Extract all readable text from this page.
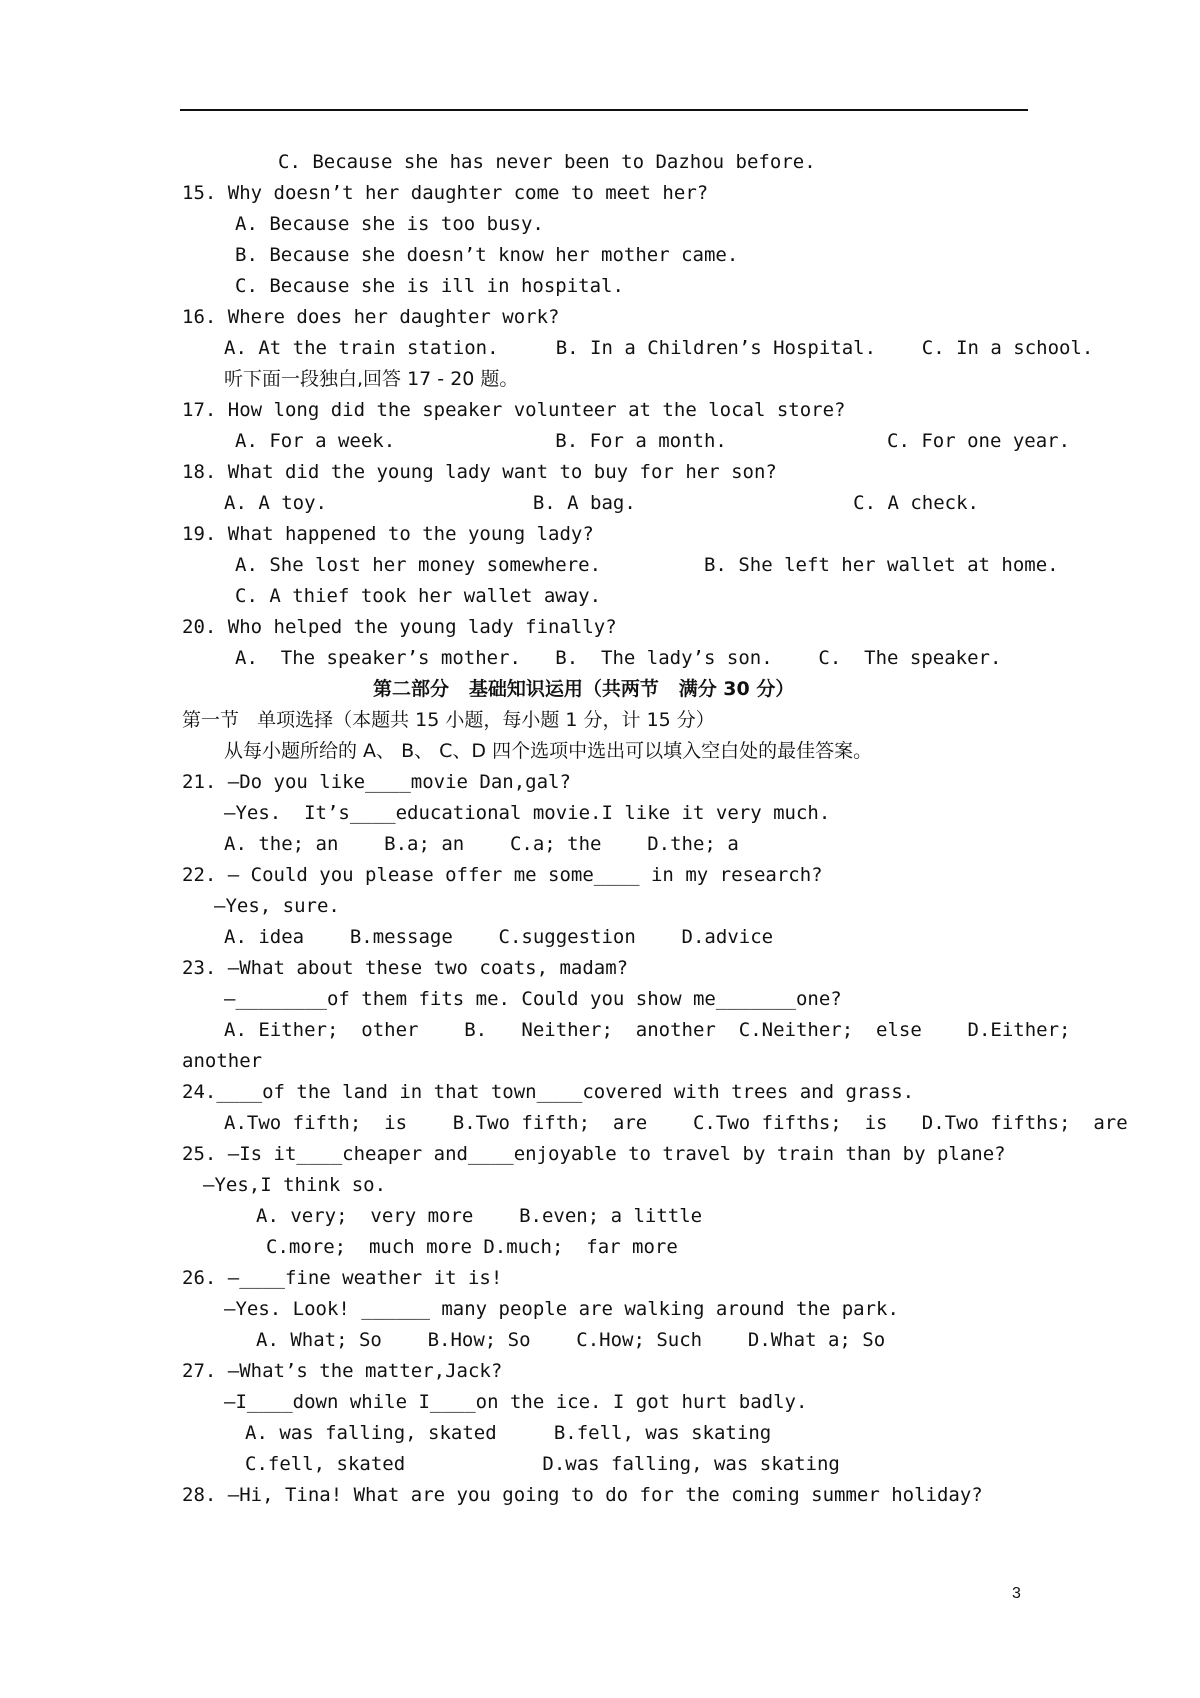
C. Because she has never been to Dazhou before.
15. Why doesn’t her daughter come to meet her?
A. Because she is too busy.
B. Because she doesn’t know her mother came.
C. Because she is ill in hospital.
16. Where does her daughter work?
A. At the train station.     B. In a Children’s Hospital.    C. In a school.
听下面一段独白,回答 17 - 20 题。
17. How long did the speaker volunteer at the local store?
A. For a week.              B. For a month.              C. For one year.
18. What did the young lady want to buy for her son?
A. A toy.                  B. A bag.                   C. A check.
19. What happened to the young lady?
A. She lost her money somewhere.         B. She left her wallet at home.
C. A thief took her wallet away.
20. Who helped the young lady finally?
A.  The speaker’s mother.   B.  The lady’s son.    C.  The speaker.
第二部分   基础知识运用（共两节   满分 30 分）
第一节   单项选择（本题共 15 小题，每小题 1 分，计 15 分）
从每小题所给的 A、 B、 C、D 四个选项中选出可以填入空白处的最佳答案。
21. —Do you like____movie Dan,gal?
—Yes.  It’s____educational movie.I like it very much.
A. the; an    B.a; an    C.a; the    D.the; a
22. — Could you please offer me some____ in my research?
—Yes, sure.
A. idea    B.message    C.suggestion    D.advice
23. —What about these two coats, madam?
—________of them fits me. Could you show me_______one?
A. Either;  other    B.   Neither;  another  C.Neither;  else    D.Either;
another
24.____of the land in that town____covered with trees and grass.
A.Two fifth;  is    B.Two fifth;  are    C.Two fifths;  is   D.Two fifths;  are
25. —Is it____cheaper and____enjoyable to travel by train than by plane?
—Yes,I think so.
A. very;  very more    B.even; a little
C.more;  much more D.much;  far more
26. —____fine weather it is!
—Yes. Look! ______ many people are walking around the park.
A. What; So    B.How; So    C.How; Such    D.What a; So
27. —What’s the matter,Jack?
—I____down while I____on the ice. I got hurt badly.
A. was falling, skated     B.fell, was skating
C.fell, skated            D.was falling, was skating
28. —Hi, Tina! What are you going to do for the coming summer holiday?
3
